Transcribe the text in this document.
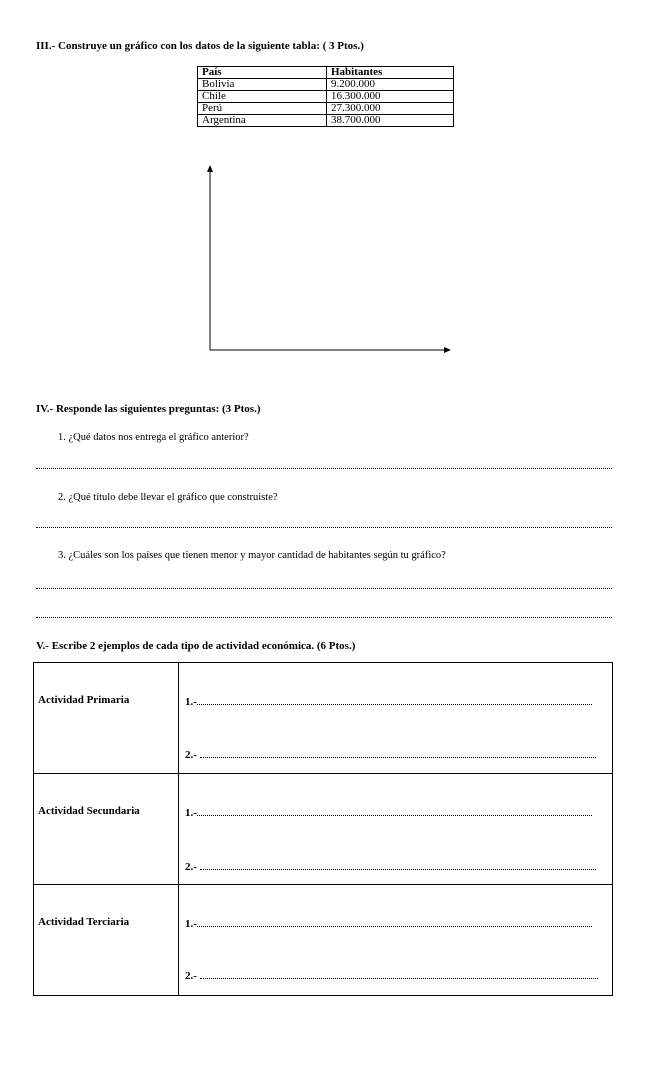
III.- Construye un gráfico con los datos de la siguiente tabla: ( 3 Ptos.)
País	Habitantes
Bolivia	9.200.000
Chile	16.300.000
Perú	27.300.000
Argentina	38.700.000
IV.- Responde las siguientes preguntas: (3 Ptos.)
1. ¿Qué datos nos entrega el gráfico anterior?
2. ¿Qué título debe llevar el gráfico que construiste?
3. ¿Cuáles son los países que tienen menor y mayor cantidad de habitantes según tu gráfico?
V.- Escribe 2 ejemplos de cada tipo de actividad económica. (6 Ptos.)
Actividad Primaria	1.-
2.-

Actividad Secundaria	1.-
2.-

Actividad Terciaria	1.-
2.-
